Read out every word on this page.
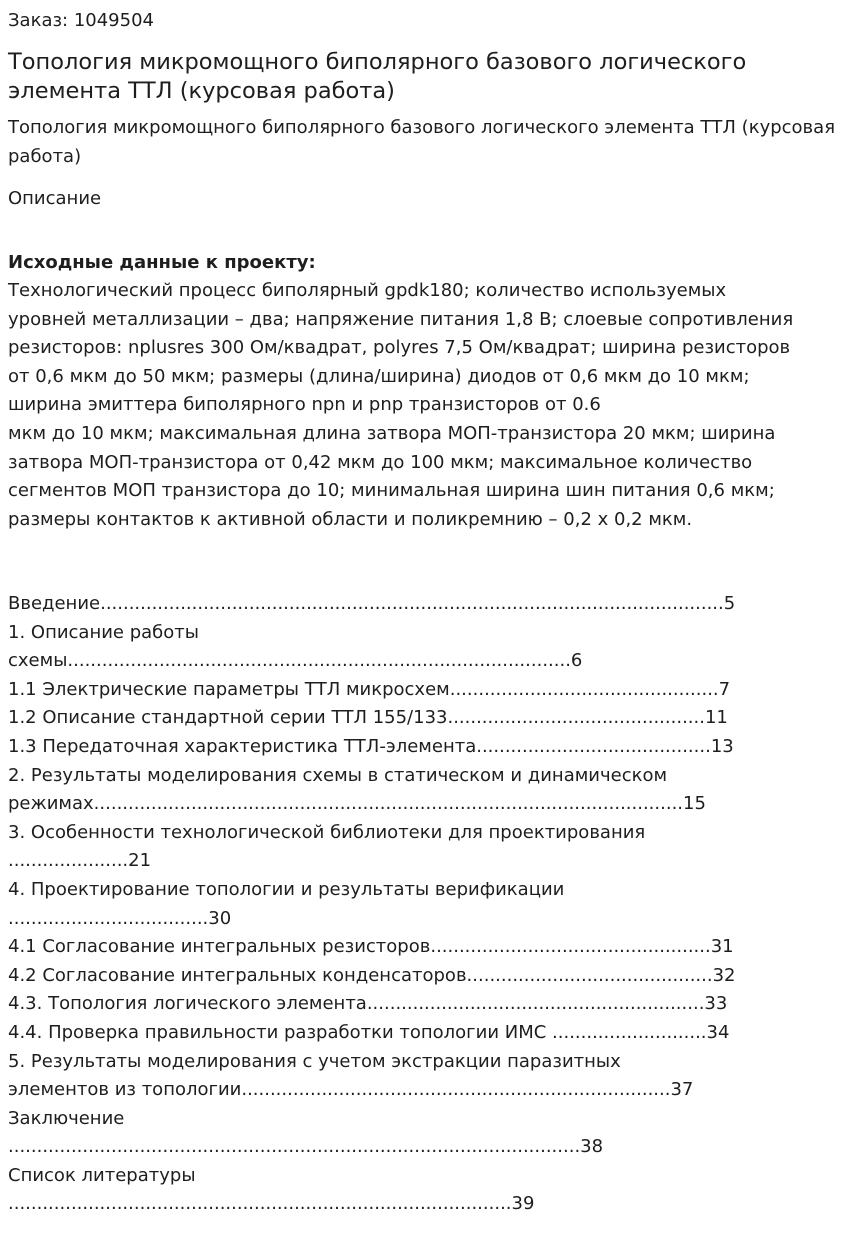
Заказ: 1049504
Топология микромощного биполярного базового логического элемента ТТЛ (курсовая работа)

Топология микромощного биполярного базового логического элемента ТТЛ (курсовая работа)

Описание
Исходные данные к проекту:

Технологический процесс биполярный gpdk180; количество используемых
уровней металлизации – два; напряжение питания 1,8 В; слоевые сопротивления
резисторов: nplusres 300 Ом/квадрат, polyres 7,5 Ом/квадрат; ширина резисторов
от 0,6 мкм до 50 мкм; размеры (длина/ширина) диодов от 0,6 мкм до 10 мкм;
ширина эмиттера биполярного npn и pnp транзисторов от 0.6
мкм до 10 мкм; максимальная длина затвора МОП-транзистора 20 мкм; ширина
затвора МОП-транзистора от 0,42 мкм до 100 мкм; максимальное количество
сегментов МОП транзистора до 10; минимальная ширина шин питания 0,6 мкм;
размеры контактов к активной области и поликремнию – 0,2 х 0,2 мкм.

Введение.............................................................................................................5
1. Описание работы
схемы........................................................................................6
1.1 Электрические параметры ТТЛ микросхем...............................................7
1.2 Описание стандартной серии ТТЛ 155/133.............................................11
1.3 Передаточная характеристика ТТЛ-элемента.........................................13
2. Результаты моделирования схемы в статическом и динамическом
режимах.......................................................................................................15
3. Особенности технологической библиотеки для проектирования
.....................21
4. Проектирование топологии и результаты верификации
...................................30
4.1 Согласование интегральных резисторов.................................................31
4.2 Согласование интегральных конденсаторов...........................................32
4.3. Топология логического элемента...........................................................33
4.4. Проверка правильности разработки топологии ИМС ...........................34
5. Результаты моделирования с учетом экстракции паразитных
элементов из топологии...........................................................................37
Заключение
....................................................................................................38
Список литературы
........................................................................................39
